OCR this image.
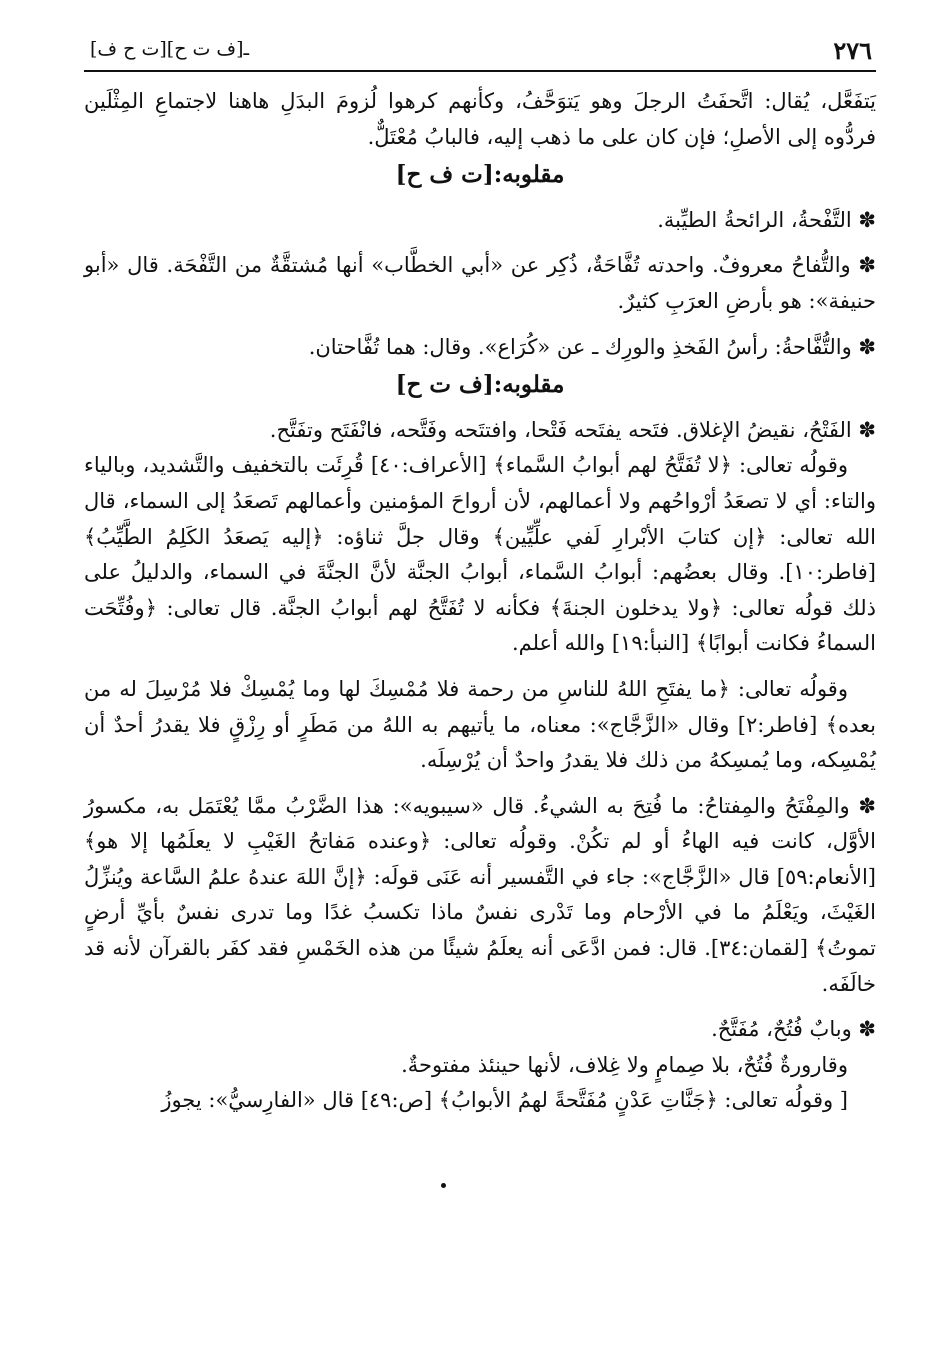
[ت ح ف]ـ[ف ت ح]	٢٧٦

يَتفَعَّل، يُقال: اتَّحفَتُ الرجلَ وهو يَتوَحَّفُ، وكأنهم كرهوا لُزومَ البدَلِ هاهنا لاجتماعِ المِثْلَين فردُّوه إلى الأصلِ؛ فإن كان على ما ذهب إليه، فالبابُ مُعْتَلٌّ.

مقلوبه:[ت ف ح]

✽ التَّفْحةُ، الرائحةُ الطيِّبة.

✽ والتُّفاحُ معروفٌ. واحدته تُفَّاحَةٌ، ذُكِر عن «أبي الخطَّاب» أنها مُشتقَّةٌ من التَّفْحَة. قال «أبو حنيفة»: هو بأرضِ العرَبِ كثيرٌ.

✽ والتُّفَّاحةُ: رأسُ الفَخذِ والورِك ـ عن «كُرَاع». وقال: هما تُفَّاحتان.

مقلوبه:[ف ت ح]

✽ الفَتْحُ، نقيضُ الإغلاق. فتَحه يفتَحه فَتْحا، وافتتَحه وفَتَّحه، فانْفَتَح وتفَتَّح.

وقولُه تعالى: ﴿لا تُفَتَّحُ لهم أبوابُ السَّماء﴾ [الأعراف:٤٠] قُرِئَت بالتخفيف والتَّشديد، وبالياء والتاء: أي لا تصعَدُ أرْواحُهم ولا أعمالهم، لأن أرواحَ المؤمنين وأعمالهم تَصعَدُ إلى السماء، قال الله تعالى: ﴿إن كتابَ الأبْرارِ لَفي علِّيِّين﴾ وقال جلَّ ثناؤه: ﴿إليه يَصعَدُ الكَلِمُ الطَّيِّبُ﴾ [فاطر:١٠]. وقال بعضُهم: أبوابُ السَّماء، أبوابُ الجنَّة لأنَّ الجنَّةَ في السماء، والدليلُ على ذلك قولُه تعالى: ﴿ولا يدخلون الجنةَ﴾ فكأنه لا تُفَتَّحُ لهم أبوابُ الجنَّة. قال تعالى: ﴿وفُتِّحَت السماءُ فكانت أبوابًا﴾ [النبأ:١٩] والله أعلم.

وقولُه تعالى: ﴿ما يفتَحِ اللهُ للناسِ من رحمة فلا مُمْسِكَ لها وما يُمْسِكْ فلا مُرْسِلَ له من بعده﴾ [فاطر:٢] وقال «الزَّجَّاج»: معناه، ما يأتيهم به اللهُ من مَطَرٍ أو رِزْقٍ فلا يقدرُ أحدٌ أن يُمْسِكه، وما يُمسِكهُ من ذلك فلا يقدرُ واحدٌ أن يُرْسِلَه.

✽ والمِفْتَحُ والمِفتاحُ: ما فُتِحَ به الشيءُ. قال «سيبويه»: هذا الضَّرْبُ ممَّا يُعْتَمَل به، مكسورُ الأوَّل، كانت فيه الهاءُ أو لم تكُنْ. وقولُه تعالى: ﴿وعنده مَفاتحُ الغَيْبِ لا يعلَمُها إلا هو﴾ [الأنعام:٥٩] قال «الزَّجَّاج»: جاء في التَّفسير أنه عَنَى قولَه: ﴿إنَّ اللهَ عندهُ علمُ السَّاعة ويُنزِّلُ الغَيْثَ، ويَعْلَمُ ما في الأرْحام وما تَدْرى نفسٌ ماذا تكسبُ غدًا وما تدرى نفسٌ بأيِّ أرضٍ تموتُ﴾ [لقمان:٣٤]. قال: فمن ادَّعَى أنه يعلَمُ شيئًا من هذه الخَمْسِ فقد كفَر بالقرآن لأنه قد خالَفَه.

✽ وبابٌ فُتُحٌ، مُفَتَّحٌ.

وقارورةٌ فُتُحٌ، بلا صِمامٍ ولا غِلاف، لأنها حينئذ مفتوحةٌ.

[ وقولُه تعالى: ﴿جَنَّاتِ عَدْنٍ مُفَتَّحةً لهمُ الأبوابُ﴾ [ص:٤٩] قال «الفارِسيُّ»: يجوزُ
